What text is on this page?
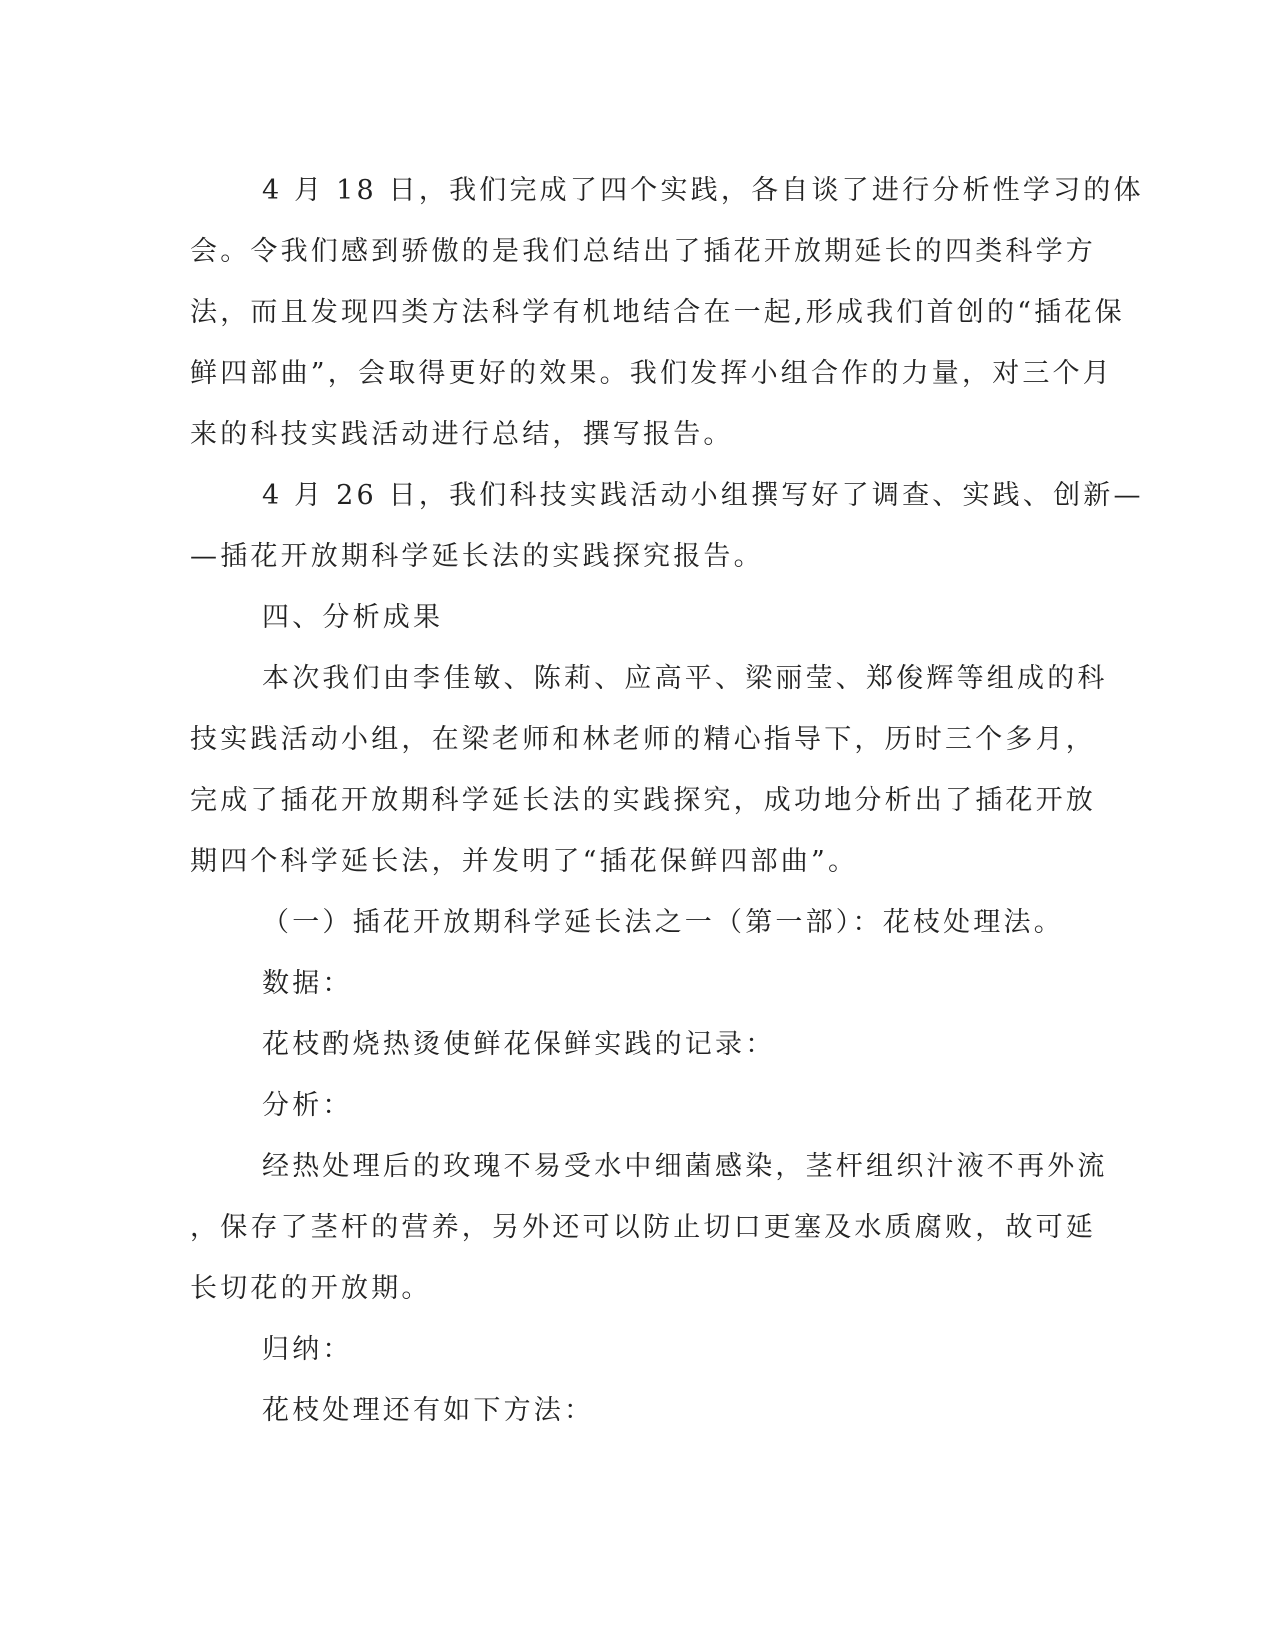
4 月 18 日，我们完成了四个实践，各自谈了进行分析性学习的体
会。令我们感到骄傲的是我们总结出了插花开放期延长的四类科学方
法，而且发现四类方法科学有机地结合在一起,形成我们首创的“插花保
鲜四部曲”，会取得更好的效果。我们发挥小组合作的力量，对三个月
来的科技实践活动进行总结，撰写报告。
4 月 26 日，我们科技实践活动小组撰写好了调查、实践、创新—
—插花开放期科学延长法的实践探究报告。
四、分析成果
本次我们由李佳敏、陈莉、应高平、梁丽莹、郑俊辉等组成的科
技实践活动小组，在梁老师和林老师的精心指导下，历时三个多月，
完成了插花开放期科学延长法的实践探究，成功地分析出了插花开放
期四个科学延长法，并发明了“插花保鲜四部曲”。
（一）插花开放期科学延长法之一（第一部）：花枝处理法。
数据：
花枝酌烧热烫使鲜花保鲜实践的记录：
分析：
经热处理后的玫瑰不易受水中细菌感染，茎杆组织汁液不再外流
，保存了茎杆的营养，另外还可以防止切口更塞及水质腐败，故可延
长切花的开放期。
归纳：
花枝处理还有如下方法：
